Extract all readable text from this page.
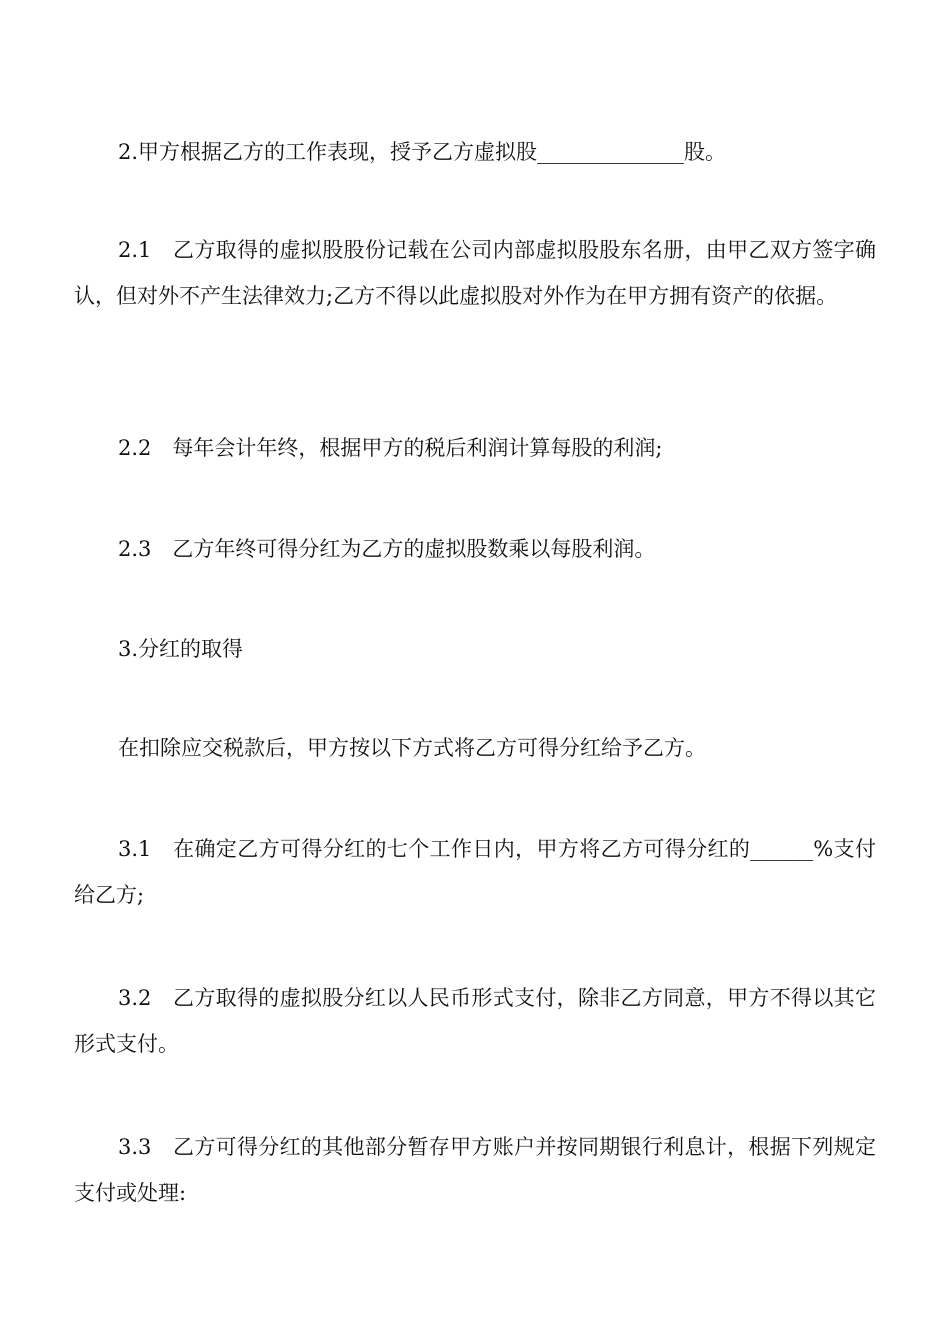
2.甲方根据乙方的工作表现，授予乙方虚拟股______________股。

2.1　乙方取得的虚拟股股份记载在公司内部虚拟股股东名册，由甲乙双方签字确认，但对外不产生法律效力;乙方不得以此虚拟股对外作为在甲方拥有资产的依据。

2.2　每年会计年终，根据甲方的税后利润计算每股的利润;

2.3　乙方年终可得分红为乙方的虚拟股数乘以每股利润。

3.分红的取得

在扣除应交税款后，甲方按以下方式将乙方可得分红给予乙方。

3.1　在确定乙方可得分红的七个工作日内，甲方将乙方可得分红的______%支付给乙方;

3.2　乙方取得的虚拟股分红以人民币形式支付，除非乙方同意，甲方不得以其它形式支付。

3.3　乙方可得分红的其他部分暂存甲方账户并按同期银行利息计，根据下列规定支付或处理:
